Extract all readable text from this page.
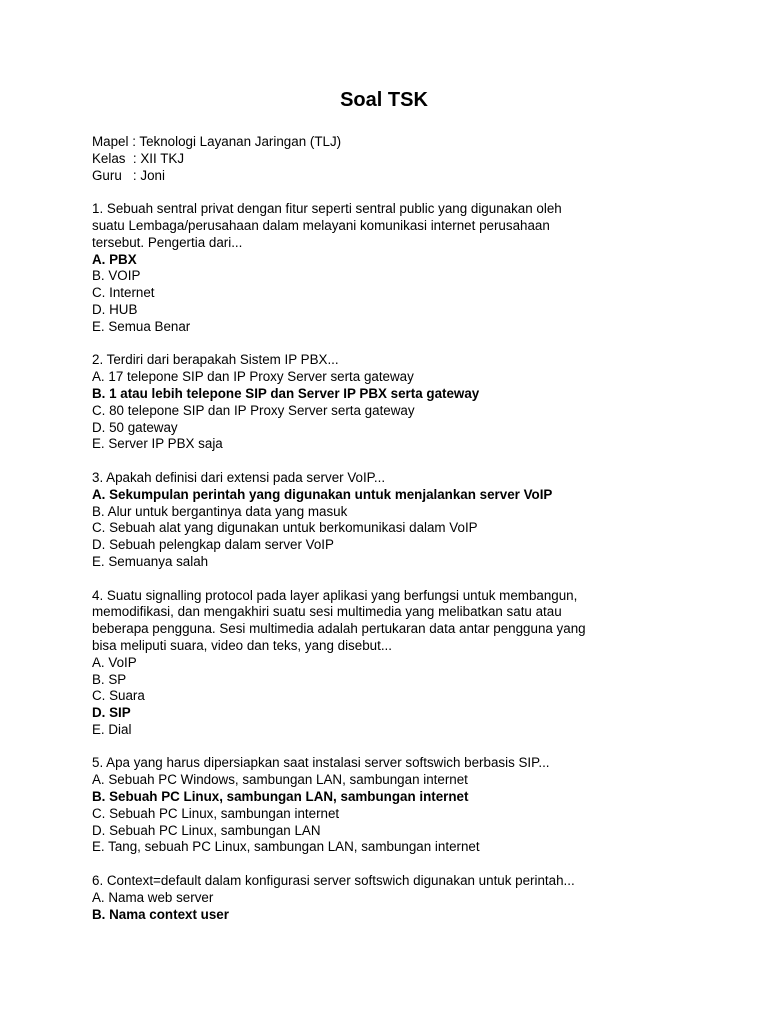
Soal TSK
Mapel : Teknologi Layanan Jaringan (TLJ)
Kelas  : XII TKJ
Guru   : Joni
1. Sebuah sentral privat dengan fitur seperti sentral public yang digunakan oleh
suatu Lembaga/perusahaan dalam melayani komunikasi internet perusahaan
tersebut. Pengertia dari...
A. PBX
B. VOIP
C. Internet
D. HUB
E. Semua Benar
2. Terdiri dari berapakah Sistem IP PBX...
A. 17 telepone SIP dan IP Proxy Server serta gateway
B. 1 atau lebih telepone SIP dan Server IP PBX serta gateway
C. 80 telepone SIP dan IP Proxy Server serta gateway
D. 50 gateway
E. Server IP PBX saja
3. Apakah definisi dari extensi pada server VoIP...
A. Sekumpulan perintah yang digunakan untuk menjalankan server VoIP
B. Alur untuk bergantinya data yang masuk
C. Sebuah alat yang digunakan untuk berkomunikasi dalam VoIP
D. Sebuah pelengkap dalam server VoIP
E. Semuanya salah
4. Suatu signalling protocol pada layer aplikasi yang berfungsi untuk membangun,
memodifikasi, dan mengakhiri suatu sesi multimedia yang melibatkan satu atau
beberapa pengguna. Sesi multimedia adalah pertukaran data antar pengguna yang
bisa meliputi suara, video dan teks, yang disebut...
A. VoIP
B. SP
C. Suara
D. SIP
E. Dial
5. Apa yang harus dipersiapkan saat instalasi server softswich berbasis SIP...
A. Sebuah PC Windows, sambungan LAN, sambungan internet
B. Sebuah PC Linux, sambungan LAN, sambungan internet
C. Sebuah PC Linux, sambungan internet
D. Sebuah PC Linux, sambungan LAN
E. Tang, sebuah PC Linux, sambungan LAN, sambungan internet
6. Context=default dalam konfigurasi server softswich digunakan untuk perintah...
A. Nama web server
B. Nama context user
